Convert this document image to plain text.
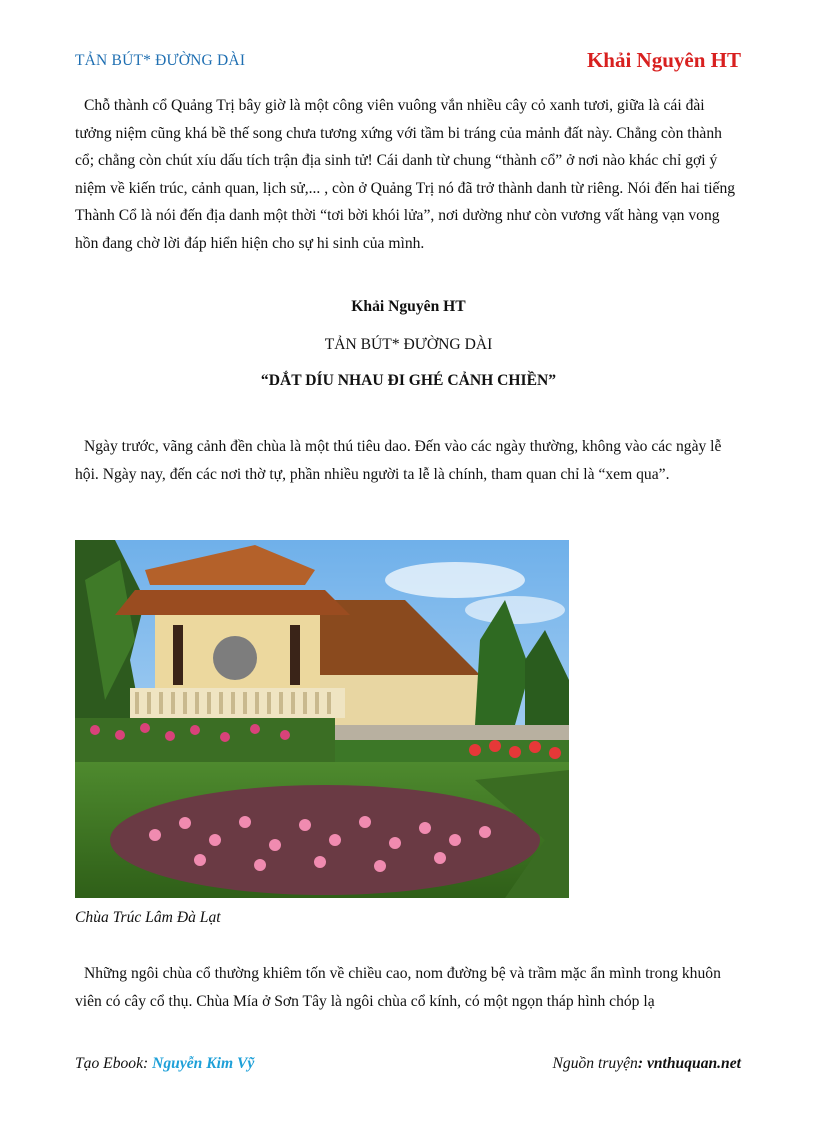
TẢN BÚT* ĐƯỜNG DÀI	Khải Nguyên HT
Chỗ thành cổ Quảng Trị bây giờ là một công viên vuông vắn nhiều cây cỏ xanh tươi, giữa là cái đài tưởng niệm cũng khá bề thế song chưa tương xứng với tầm bi tráng của mảnh đất này. Chẳng còn thành cổ; chẳng còn chút xíu dấu tích trận địa sinh tử! Cái danh từ chung “thành cổ” ở nơi nào khác chỉ gợi ý niệm về kiến trúc, cảnh quan, lịch sử,... , còn ở Quảng Trị nó đã trở thành danh từ riêng. Nói đến hai tiếng Thành Cổ là nói đến địa danh một thời “tơi bời khói lửa”, nơi dường như còn vương vất hàng vạn vong hồn đang chờ lời đáp hiển hiện cho sự hi sinh của mình.
Khải Nguyên HT
TẢN BÚT* ĐƯỜNG DÀI
“DẮT DÍU NHAU ĐI GHÉ CẢNH CHIỀN”
Ngày trước, vãng cảnh đền chùa là một thú tiêu dao. Đến vào các ngày thường, không vào các ngày lễ hội. Ngày nay, đến các nơi thờ tự, phần nhiều người ta lễ là chính, tham quan chỉ là “xem qua”.
Chùa Trúc Lâm Đà Lạt
Những ngôi chùa cổ thường khiêm tốn về chiều cao, nom đường bệ và trầm mặc ẩn mình trong khuôn viên có cây cổ thụ. Chùa Mía ở Sơn Tây là ngôi chùa cổ kính, có một ngọn tháp hình chóp lạ
Tạo Ebook: Nguyễn Kim Vỹ	Nguồn truyện: vnthuquan.net
